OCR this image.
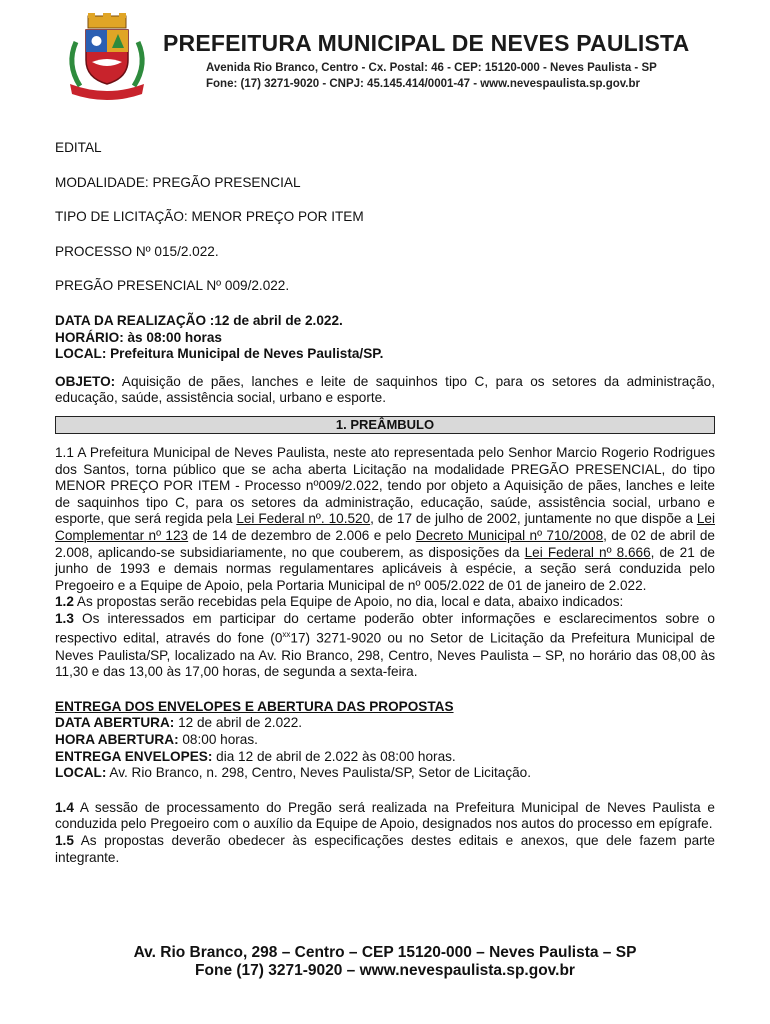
PREFEITURA MUNICIPAL DE NEVES PAULISTA
Avenida Rio Branco, Centro - Cx. Postal: 46 - CEP: 15120-000 - Neves Paulista - SP
Fone: (17) 3271-9020 - CNPJ: 45.145.414/0001-47 - www.nevespaulista.sp.gov.br

EDITAL

MODALIDADE: PREGÃO PRESENCIAL

TIPO DE LICITAÇÃO: MENOR PREÇO POR ITEM

PROCESSO Nº 015/2.022.

PREGÃO PRESENCIAL Nº 009/2.022.

DATA DA REALIZAÇÃO :12 de abril de 2.022.

HORÁRIO: às 08:00 horas

LOCAL: Prefeitura Municipal de Neves Paulista/SP.

OBJETO: Aquisição de pães, lanches e leite de saquinhos tipo C, para os setores da administração, educação, saúde, assistência social, urbano e esporte.

1. PREÂMBULO

1.1 A Prefeitura Municipal de Neves Paulista, neste ato representada pelo Senhor Marcio Rogerio Rodrigues dos Santos, torna público que se acha aberta Licitação na modalidade PREGÃO PRESENCIAL, do tipo MENOR PREÇO POR ITEM - Processo nº009/2.022, tendo por objeto a Aquisição de pães, lanches e leite de saquinhos tipo C, para os setores da administração, educação, saúde, assistência social, urbano e esporte, que será regida pela Lei Federal nº. 10.520, de 17 de julho de 2002, juntamente no que dispõe a Lei Complementar nº 123 de 14 de dezembro de 2.006 e pelo Decreto Municipal nº 710/2008, de 02 de abril de 2.008, aplicando-se subsidiariamente, no que couberem, as disposições da Lei Federal nº 8.666, de 21 de junho de 1993 e demais normas regulamentares aplicáveis à espécie, a seção será conduzida pelo Pregoeiro e a Equipe de Apoio, pela Portaria Municipal de nº 005/2.022 de 01 de janeiro de 2.022.

1.2 As propostas serão recebidas pela Equipe de Apoio, no dia, local e data, abaixo indicados:

1.3 Os interessados em participar do certame poderão obter informações e esclarecimentos sobre o respectivo edital, através do fone (0$^{xx}$17) 3271-9020 ou no Setor de Licitação da Prefeitura Municipal de Neves Paulista/SP, localizado na Av. Rio Branco, 298, Centro, Neves Paulista – SP, no horário das 08,00 às 11,30 e das 13,00 às 17,00 horas, de segunda a sexta-feira.

ENTREGA DOS ENVELOPES E ABERTURA DAS PROPOSTAS

DATA ABERTURA: 12 de abril de 2.022.

HORA ABERTURA: 08:00 horas.

ENTREGA ENVELOPES: dia 12 de abril de 2.022 às 08:00 horas.

LOCAL: Av. Rio Branco, n. 298, Centro, Neves Paulista/SP, Setor de Licitação.

1.4 A sessão de processamento do Pregão será realizada na Prefeitura Municipal de Neves Paulista e conduzida pelo Pregoeiro com o auxílio da Equipe de Apoio, designados nos autos do processo em epígrafe.

1.5 As propostas deverão obedecer às especificações destes editais e anexos, que dele fazem parte integrante.

Av. Rio Branco, 298 – Centro – CEP 15120-000 – Neves Paulista – SP
Fone (17) 3271-9020 – www.nevespaulista.sp.gov.br
